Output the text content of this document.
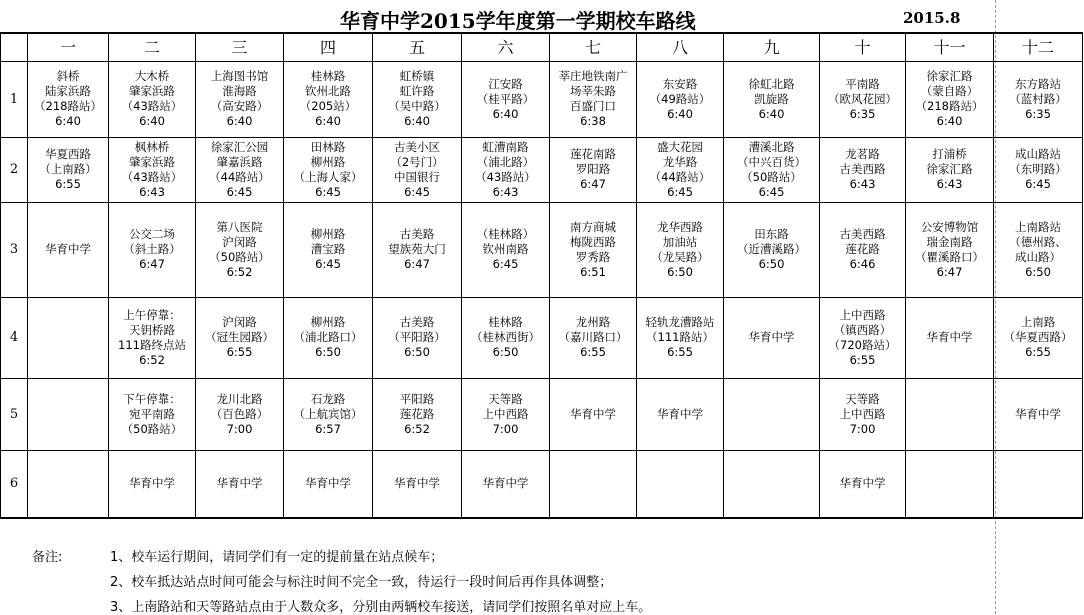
华育中学2015学年度第一学期校车路线	2015.8
	一	二	三	四	五	六	七	八	九	十	十一	十二
1	斜桥
陆家浜路
（218路站）
6:40	大木桥
肇家浜路
（43路站）
6:40	上海图书馆
淮海路
（高安路）
6:40	桂林路
钦州北路
（205站）
6:40	虹桥镇
虹许路
（吴中路）
6:40	江安路
（桂平路）
6:40	莘庄地铁南广
场莘朱路
百盛门口
6:38	东安路
（49路站）
6:40	徐虹北路
凯旋路
6:40	平南路
（欧风花园）
6:35	徐家汇路
（蒙自路）
（218路站）
6:40	东方路站
（蓝村路）
6:35

2	华夏西路
（上南路）
6:55	枫林桥
肇家浜路
（43路站）
6:43	徐家汇公园
肇嘉浜路
（44路站）
6:45	田林路
柳州路
（上海人家）
6:45	古美小区
（2号门）
中国银行
6:45	虹漕南路
（浦北路）
（43路站）
6:43	莲花南路
罗阳路
6:47	盛大花园
龙华路
（44路站）
6:45	漕溪北路
（中兴百货）
（50路站）
6:45	龙茗路
古美西路
6:43	打浦桥
徐家汇路
6:43	成山路站
（东明路）
6:45

3	华育中学	公交二场
（斜土路）
6:47	第八医院
沪闵路
（50路站）
6:52	柳州路
漕宝路
6:45	古美路
望族苑大门
6:47	（桂林路）
钦州南路
6:45	南方商城
梅陇西路
罗秀路
6:51	龙华西路
加油站
（龙吴路）
6:50	田东路
（近漕溪路）
6:50	古美西路
莲花路
6:46	公安博物馆
瑞金南路
（瞿溪路口）
6:47	上南路站
（德州路、
成山路）
6:50

4		上午停靠：
天钥桥路
111路终点站
6:52	沪闵路
（冠生园路）
6:55	柳州路
（浦北路口）
6:50	古美路
（平阳路）
6:50	桂林路
（桂林西街）
6:50	龙州路
（嘉川路口）
6:55	轻轨龙漕路站
（111路站）
6:55	华育中学	上中西路
（镇西路）
（720路站）
6:55	华育中学	上南路
（华夏西路）
6:55

5		下午停靠：
宛平南路
（50路站）	龙川北路
（百色路）
7:00	石龙路
（上航宾馆）
6:57	平阳路
莲花路
6:52	天等路
上中西路
7:00	华育中学	华育中学		天等路
上中西路
7:00		华育中学

6		华育中学	华育中学	华育中学	华育中学	华育中学				华育中学		

备注:	1、校车运行期间，请同学们有一定的提前量在站点候车；
2、校车抵达站点时间可能会与标注时间不完全一致，待运行一段时间后再作具体调整；
3、上南路站和天等路站点由于人数众多，分别由两辆校车接送，请同学们按照名单对应上车。
